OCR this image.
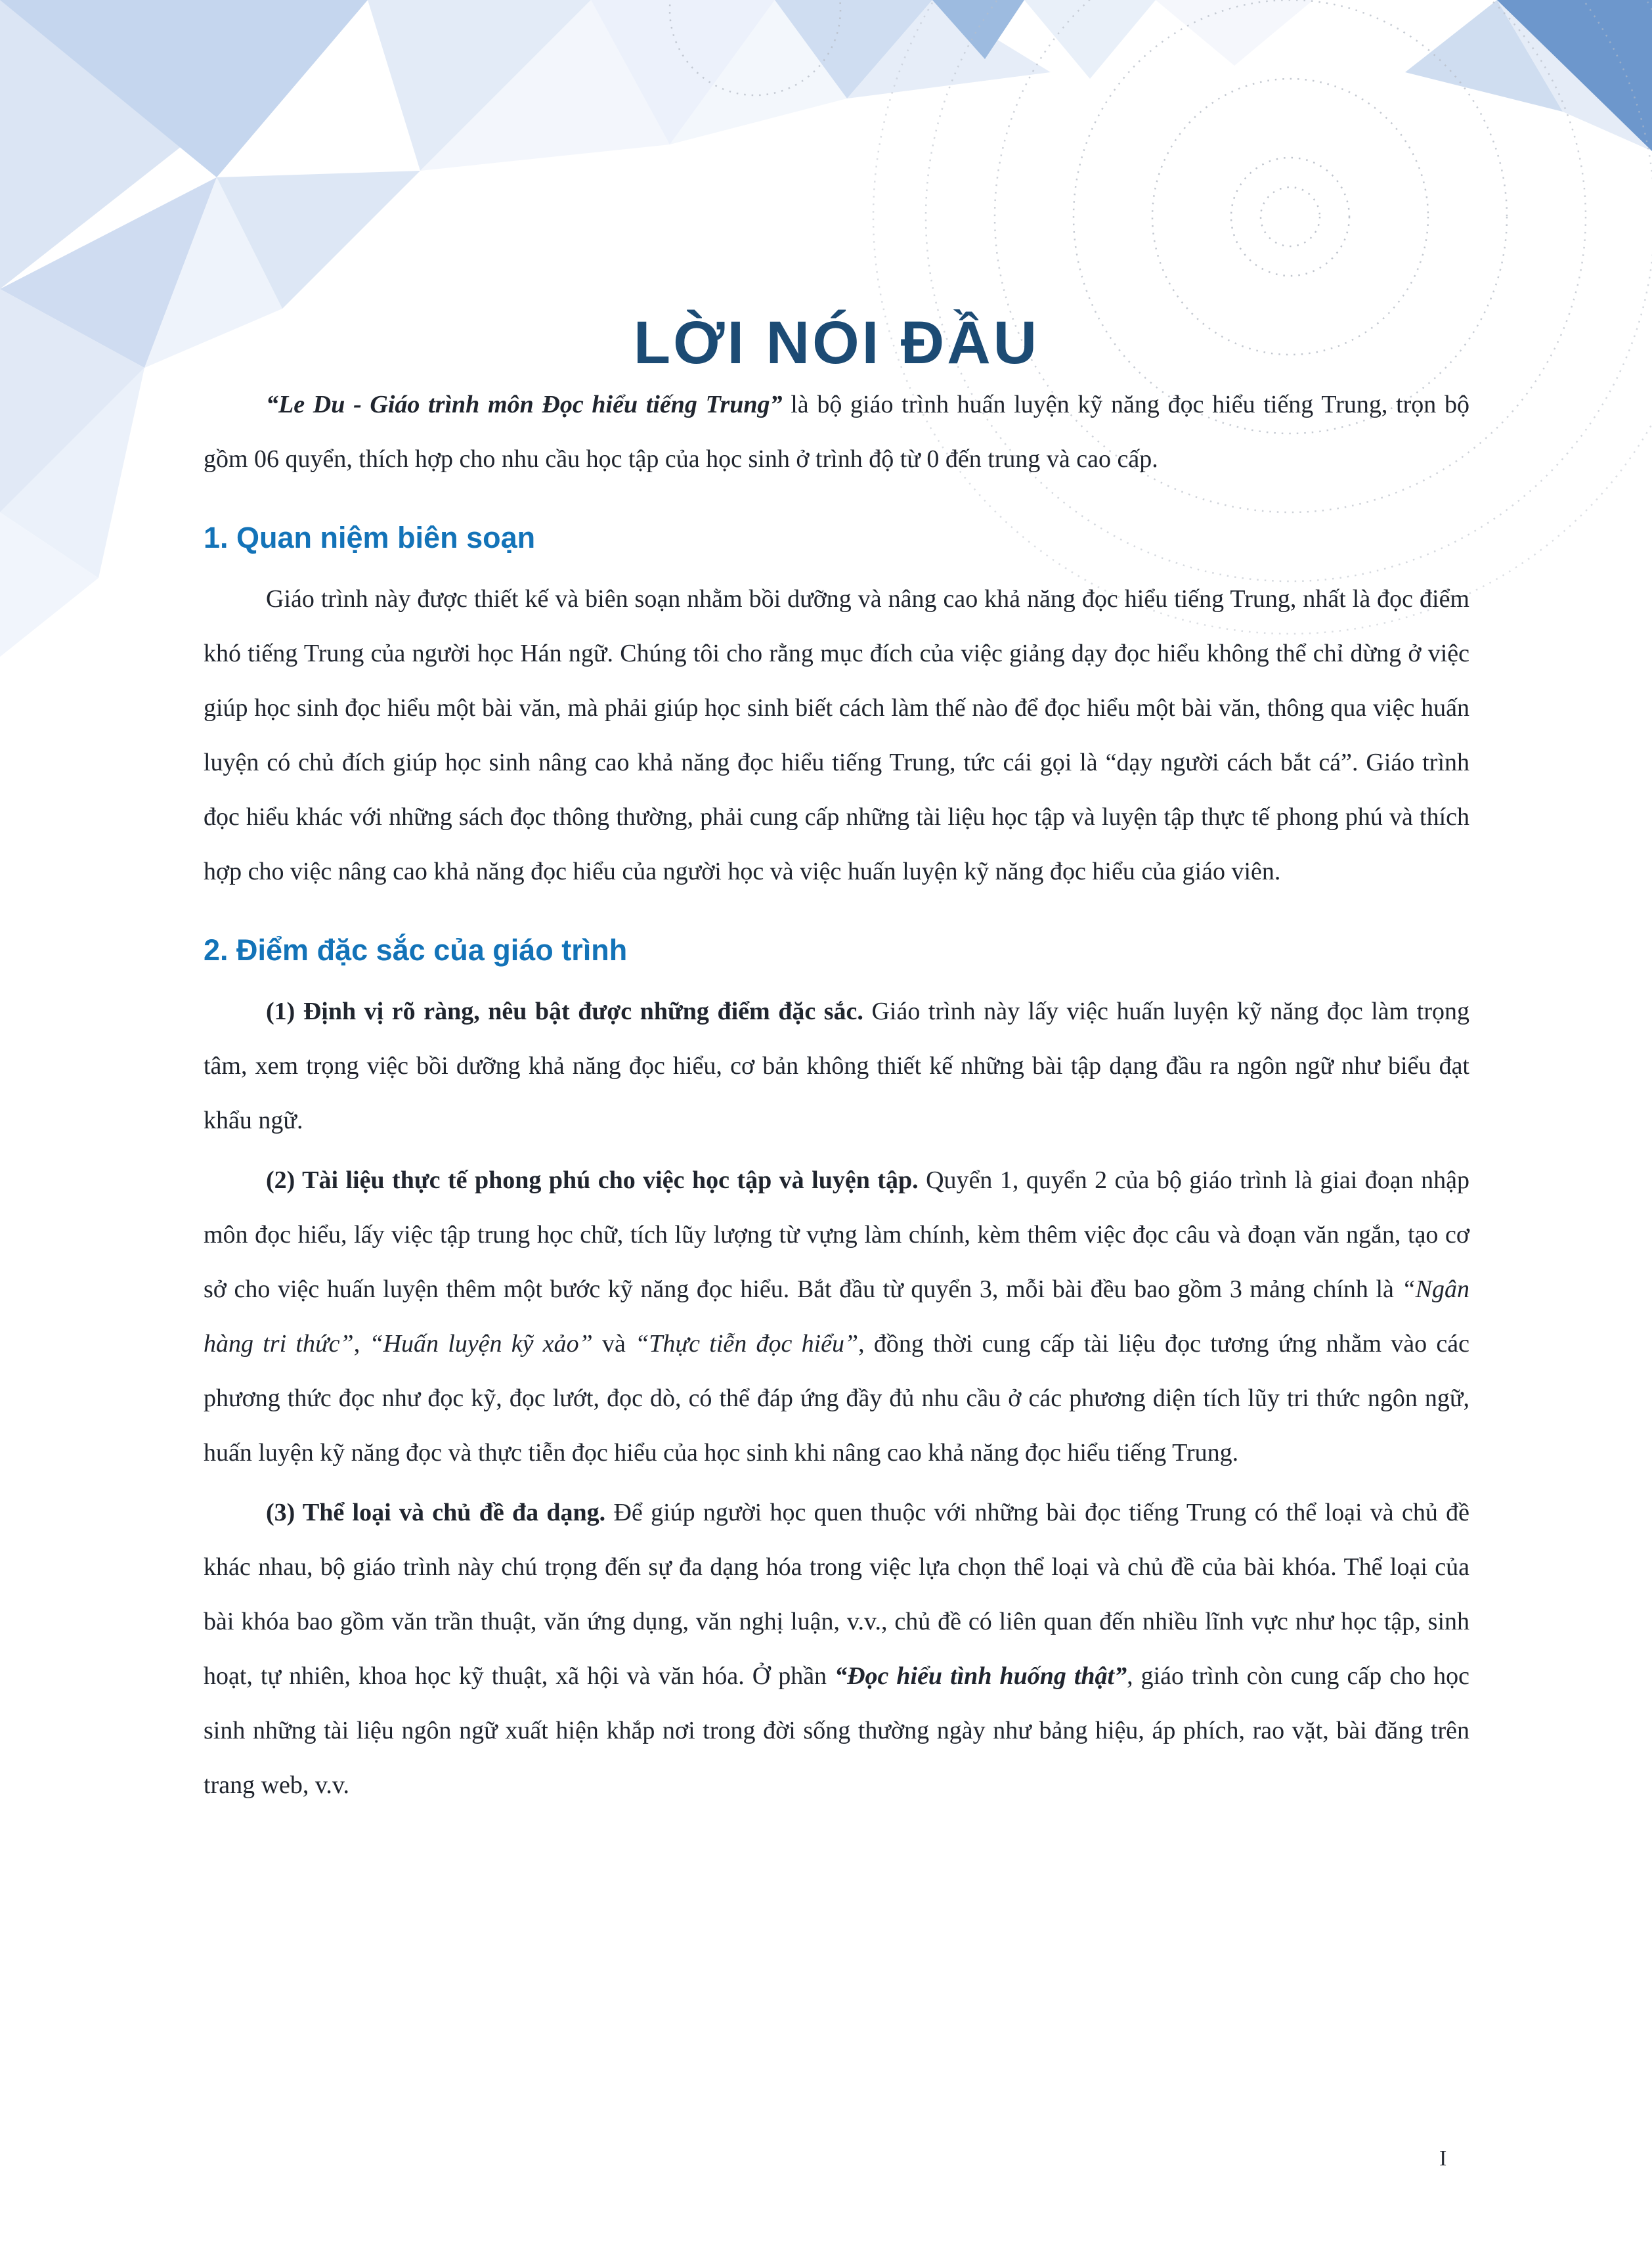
LỜI NÓI ĐẦU

“Le Du - Giáo trình môn Đọc hiểu tiếng Trung” là bộ giáo trình huấn luyện kỹ năng đọc hiểu tiếng Trung, trọn bộ gồm 06 quyển, thích hợp cho nhu cầu học tập của học sinh ở trình độ từ 0 đến trung và cao cấp.

1. Quan niệm biên soạn

Giáo trình này được thiết kế và biên soạn nhằm bồi dưỡng và nâng cao khả năng đọc hiểu tiếng Trung, nhất là đọc điểm khó tiếng Trung của người học Hán ngữ. Chúng tôi cho rằng mục đích của việc giảng dạy đọc hiểu không thể chỉ dừng ở việc giúp học sinh đọc hiểu một bài văn, mà phải giúp học sinh biết cách làm thế nào để đọc hiểu một bài văn, thông qua việc huấn luyện có chủ đích giúp học sinh nâng cao khả năng đọc hiểu tiếng Trung, tức cái gọi là “dạy người cách bắt cá”. Giáo trình đọc hiểu khác với những sách đọc thông thường, phải cung cấp những tài liệu học tập và luyện tập thực tế phong phú và thích hợp cho việc nâng cao khả năng đọc hiểu của người học và việc huấn luyện kỹ năng đọc hiểu của giáo viên.

2. Điểm đặc sắc của giáo trình

(1) Định vị rõ ràng, nêu bật được những điểm đặc sắc. Giáo trình này lấy việc huấn luyện kỹ năng đọc làm trọng tâm, xem trọng việc bồi dưỡng khả năng đọc hiểu, cơ bản không thiết kế những bài tập dạng đầu ra ngôn ngữ như biểu đạt khẩu ngữ.

(2) Tài liệu thực tế phong phú cho việc học tập và luyện tập. Quyển 1, quyển 2 của bộ giáo trình là giai đoạn nhập môn đọc hiểu, lấy việc tập trung học chữ, tích lũy lượng từ vựng làm chính, kèm thêm việc đọc câu và đoạn văn ngắn, tạo cơ sở cho việc huấn luyện thêm một bước kỹ năng đọc hiểu. Bắt đầu từ quyển 3, mỗi bài đều bao gồm 3 mảng chính là “Ngân hàng tri thức”, “Huấn luyện kỹ xảo” và “Thực tiễn đọc hiểu”, đồng thời cung cấp tài liệu đọc tương ứng nhằm vào các phương thức đọc như đọc kỹ, đọc lướt, đọc dò, có thể đáp ứng đầy đủ nhu cầu ở các phương diện tích lũy tri thức ngôn ngữ, huấn luyện kỹ năng đọc và thực tiễn đọc hiểu của học sinh khi nâng cao khả năng đọc hiểu tiếng Trung.

(3) Thể loại và chủ đề đa dạng. Để giúp người học quen thuộc với những bài đọc tiếng Trung có thể loại và chủ đề khác nhau, bộ giáo trình này chú trọng đến sự đa dạng hóa trong việc lựa chọn thể loại và chủ đề của bài khóa. Thể loại của bài khóa bao gồm văn trần thuật, văn ứng dụng, văn nghị luận, v.v., chủ đề có liên quan đến nhiều lĩnh vực như học tập, sinh hoạt, tự nhiên, khoa học kỹ thuật, xã hội và văn hóa. Ở phần “Đọc hiểu tình huống thật”, giáo trình còn cung cấp cho học sinh những tài liệu ngôn ngữ xuất hiện khắp nơi trong đời sống thường ngày như bảng hiệu, áp phích, rao vặt, bài đăng trên trang web, v.v.

I
